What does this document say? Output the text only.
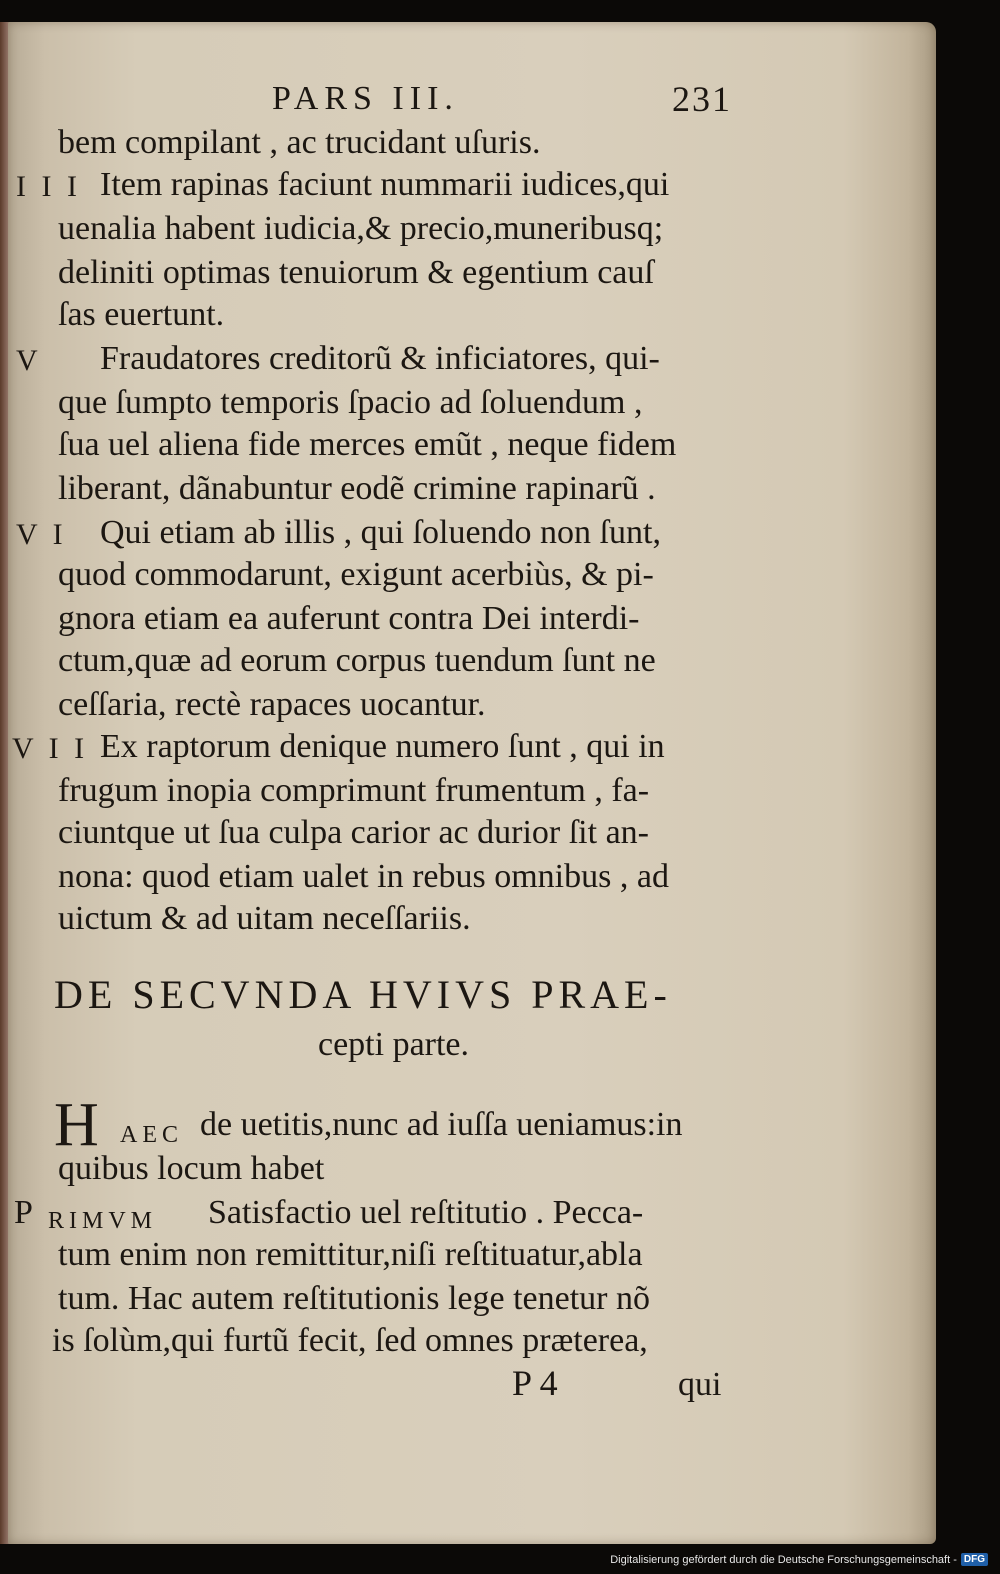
PARS III.	231
bem compilant , ac trucidant uſuris.
I I I Item rapinas faciunt nummarii iudices,qui
uenalia habent iudicia,& precio,muneribusq;
deliniti optimas tenuiorum & egentium cauſ
ſas euertunt.
V Fraudatores creditorũ & inficiatores, qui-
que ſumpto temporis ſpacio ad ſoluendum ,
ſua uel aliena fide merces emũt , neque fidem
liberant, dãnabuntur eodẽ crimine rapinarũ .
V I Qui etiam ab illis , qui ſoluendo non ſunt,
quod commodarunt, exigunt acerbiùs, & pi-
gnora etiam ea auferunt contra Dei interdi-
ctum,quæ ad eorum corpus tuendum ſunt ne
ceſſaria, rectè rapaces uocantur.
V I I Ex raptorum denique numero ſunt , qui in
frugum inopia comprimunt frumentum , fa-
ciuntque ut ſua culpa carior ac durior ſit an-
nona: quod etiam ualet in rebus omnibus , ad
uictum & ad uitam neceſſariis.
DE SECVNDA HVIVS PRAE-
cepti parte.
H AEC de uetitis,nunc ad iuſſa ueniamus:in
quibus locum habet
P RIMVM Satisfactio uel reſtitutio . Pecca-
tum enim non remittitur,niſi reſtituatur,abla
tum. Hac autem reſtitutionis lege tenetur nõ
is ſolùm,qui furtũ fecit, ſed omnes præterea,
P 4	qui
Digitalisierung gefördert durch die Deutsche Forschungsgemeinschaft - DFG
